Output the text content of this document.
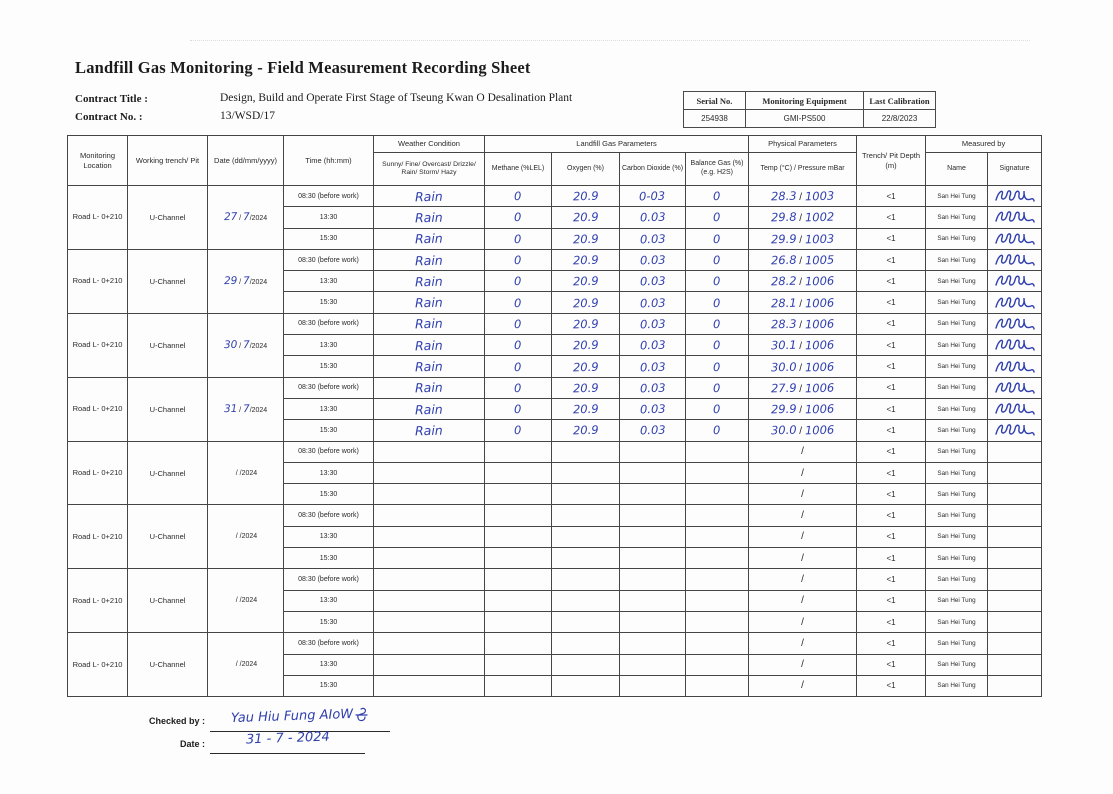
Landfill Gas Monitoring - Field Measurement Recording Sheet
Contract Title :	Design, Build and Operate First Stage of Tseung Kwan O Desalination Plant
Contract No. :	13/WSD/17
Serial No.	Monitoring Equipment	Last Calibration
254938	GMI-PS500	22/8/2023
Monitoring Location	Working trench/ Pit	Date (dd/mm/yyyy)	Time (hh:mm)	Weather Condition	Landfill Gas Parameters				Physical Parameters	Trench/ Pit Depth (m)	Measured by	
				Sunny/ Fine/ Overcast/ Drizzle/ Rain/ Storm/ Hazy	Methane (%LEL)	Oxygen (%)	Carbon Dioxide (%)	Balance Gas (%) (e.g. H2S)	Temp (°C) / Pressure mBar		Name	Signature
Road L- 0+210	U-Channel	27 / 7/2024	08:30 (before work)	Rain	0	20.9	0-03	0	28.3 / 1003	<1	San Hei Tung	
			13:30	Rain	0	20.9	0.03	0	29.8 / 1002	<1	San Hei Tung	
			15:30	Rain	0	20.9	0.03	0	29.9 / 1003	<1	San Hei Tung	
Road L- 0+210	U-Channel	29 / 7/2024	08:30 (before work)	Rain	0	20.9	0.03	0	26.8 / 1005	<1	San Hei Tung	
			13:30	Rain	0	20.9	0.03	0	28.2 / 1006	<1	San Hei Tung	
			15:30	Rain	0	20.9	0.03	0	28.1 / 1006	<1	San Hei Tung	
Road L- 0+210	U-Channel	30 / 7/2024	08:30 (before work)	Rain	0	20.9	0.03	0	28.3 / 1006	<1	San Hei Tung	
			13:30	Rain	0	20.9	0.03	0	30.1 / 1006	<1	San Hei Tung	
			15:30	Rain	0	20.9	0.03	0	30.0 / 1006	<1	San Hei Tung	
Road L- 0+210	U-Channel	31 / 7/2024	08:30 (before work)	Rain	0	20.9	0.03	0	27.9 / 1006	<1	San Hei Tung	
			13:30	Rain	0	20.9	0.03	0	29.9 / 1006	<1	San Hei Tung	
			15:30	Rain	0	20.9	0.03	0	30.0 / 1006	<1	San Hei Tung	
Road L- 0+210	U-Channel	/ /2024	08:30 (before work)						/	<1	San Hei Tung	
			13:30						/	<1	San Hei Tung	
			15:30						/	<1	San Hei Tung	
Road L- 0+210	U-Channel	/ /2024	08:30 (before work)						/	<1	San Hei Tung	
			13:30						/	<1	San Hei Tung	
			15:30						/	<1	San Hei Tung	
Road L- 0+210	U-Channel	/ /2024	08:30 (before work)						/	<1	San Hei Tung	
			13:30						/	<1	San Hei Tung	
			15:30						/	<1	San Hei Tung	
Road L- 0+210	U-Channel	/ /2024	08:30 (before work)						/	<1	San Hei Tung	
			13:30						/	<1	San Hei Tung	
			15:30						/	<1	San Hei Tung	
Checked by :	Yau Hiu Fung AIoW
Date :	31 - 7 - 2024
